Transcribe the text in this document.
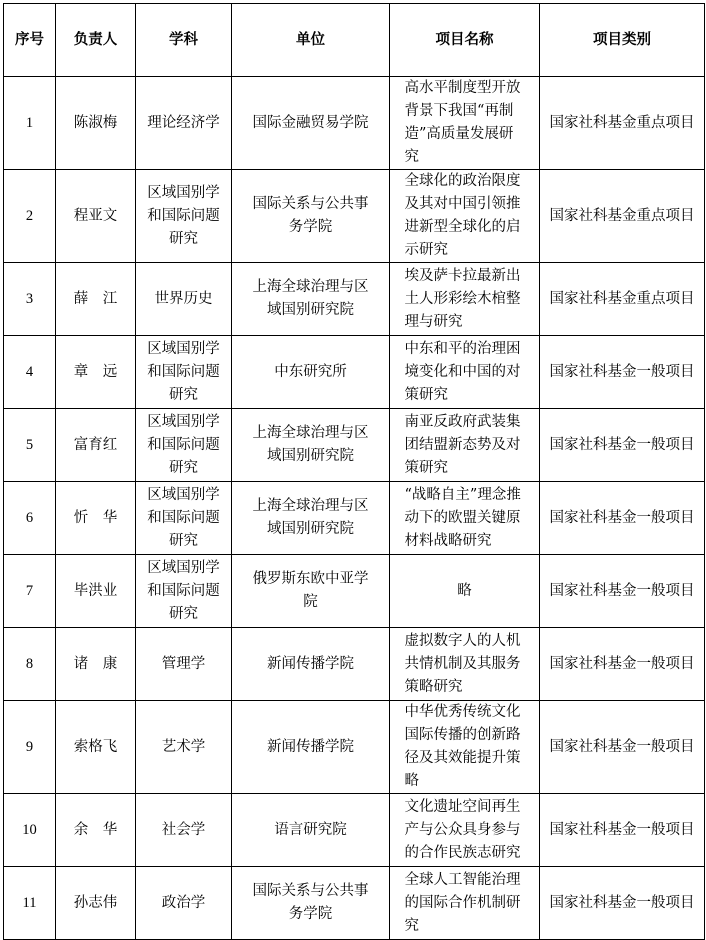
序号	负责人	学科	单位	项目名称	项目类别
1	陈淑梅	理论经济学	国际金融贸易学院	高水平制度型开放
背景下我国“再制
造”高质量发展研究	国家社科基金重点项目
2	程亚文	区域国别学
和国际问题
研究	国际关系与公共事
务学院	全球化的政治限度
及其对中国引领推
进新型全球化的启
示研究	国家社科基金重点项目
3	薛　江	世界历史	上海全球治理与区
域国别研究院	埃及萨卡拉最新出
土人形彩绘木棺整
理与研究	国家社科基金重点项目
4	章　远	区域国别学
和国际问题
研究	中东研究所	中东和平的治理困
境变化和中国的对
策研究	国家社科基金一般项目
5	富育红	区域国别学
和国际问题
研究	上海全球治理与区
域国别研究院	南亚反政府武装集
团结盟新态势及对
策研究	国家社科基金一般项目
6	忻　华	区域国别学
和国际问题
研究	上海全球治理与区
域国别研究院	“战略自主”理念推
动下的欧盟关键原
材料战略研究	国家社科基金一般项目
7	毕洪业	区域国别学
和国际问题
研究	俄罗斯东欧中亚学
院	略	国家社科基金一般项目
8	诸　康	管理学	新闻传播学院	虚拟数字人的人机
共情机制及其服务
策略研究	国家社科基金一般项目
9	索格飞	艺术学	新闻传播学院	中华优秀传统文化
国际传播的创新路
径及其效能提升策
略	国家社科基金一般项目
10	余　华	社会学	语言研究院	文化遗址空间再生
产与公众具身参与
的合作民族志研究	国家社科基金一般项目
11	孙志伟	政治学	国际关系与公共事
务学院	全球人工智能治理
的国际合作机制研
究	国家社科基金一般项目
